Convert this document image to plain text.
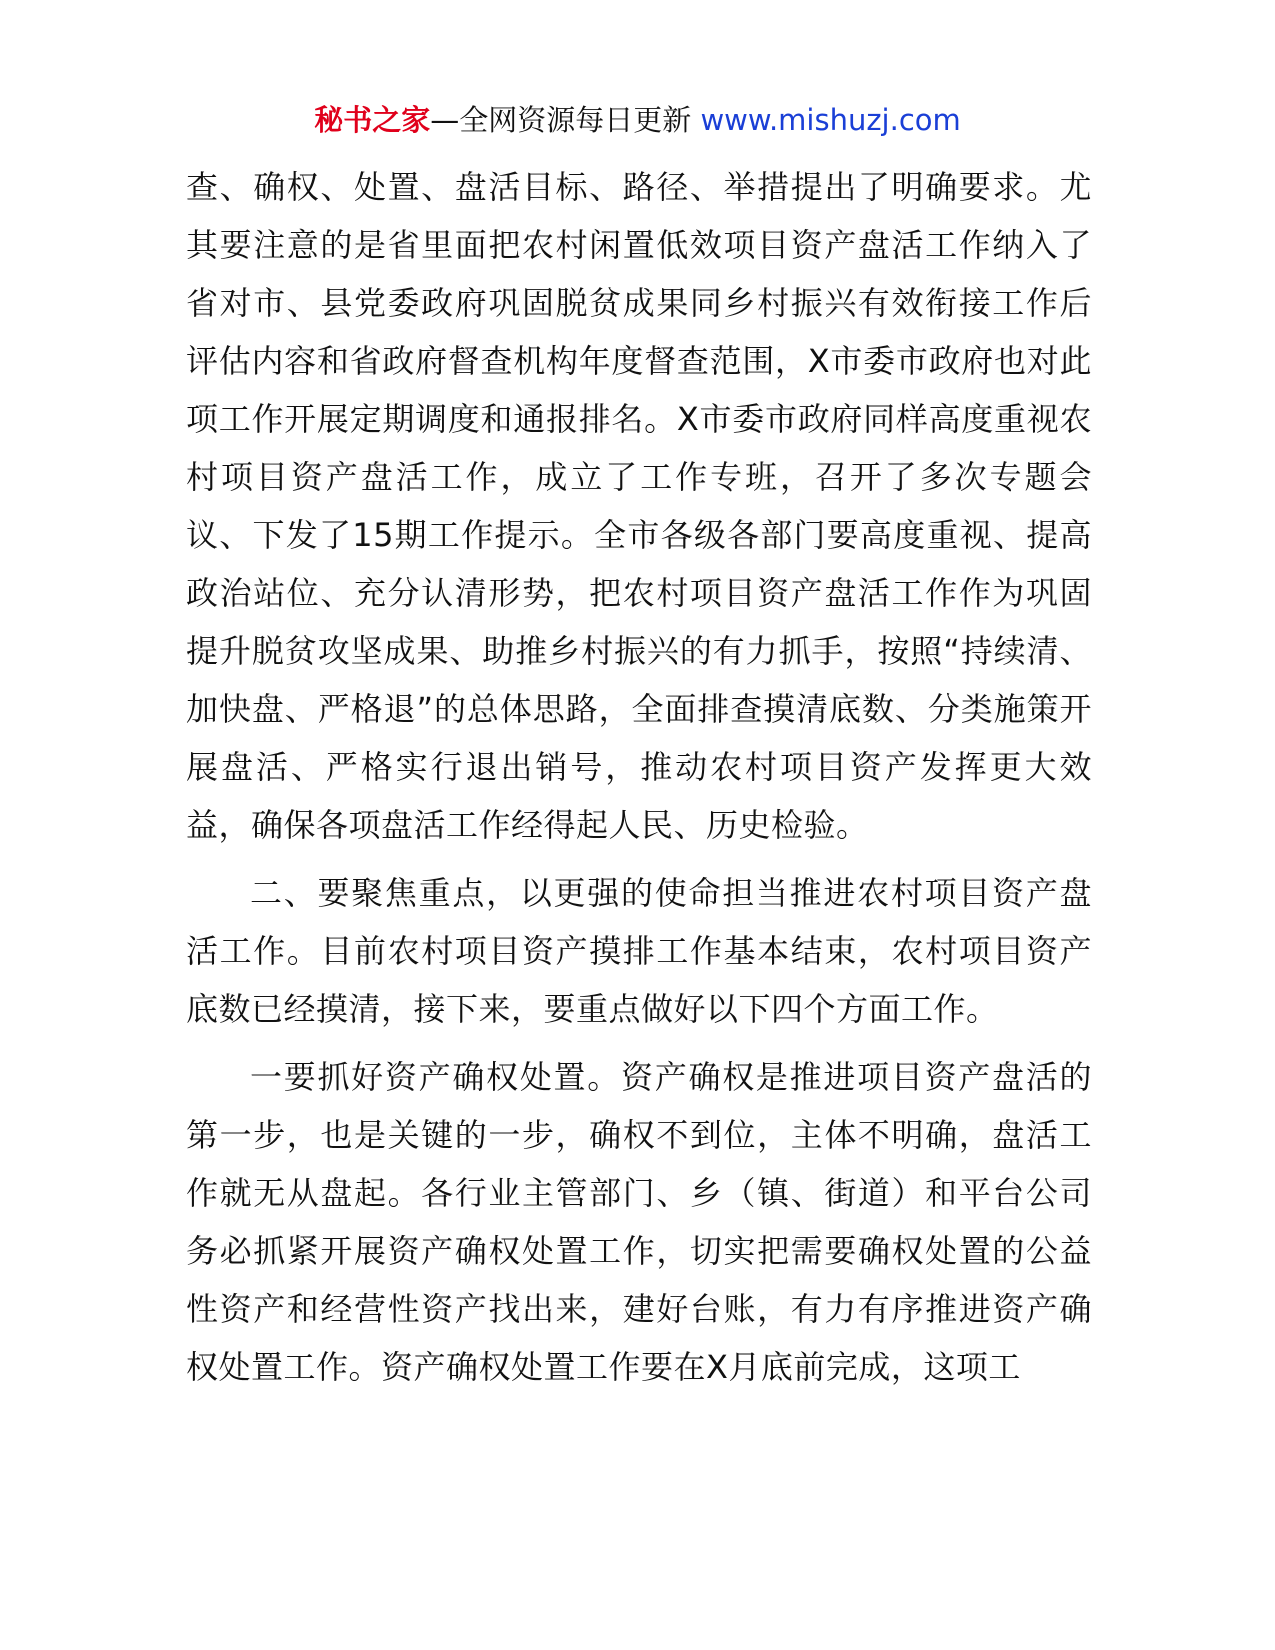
秘书之家—全网资源每日更新 www.mishuzj.com

查、确权、处置、盘活目标、路径、举措提出了明确要求。尤其要注意的是省里面把农村闲置低效项目资产盘活工作纳入了省对市、县党委政府巩固脱贫成果同乡村振兴有效衔接工作后评估内容和省政府督查机构年度督查范围，X市委市政府也对此项工作开展定期调度和通报排名。X市委市政府同样高度重视农村项目资产盘活工作，成立了工作专班，召开了多次专题会议、下发了15期工作提示。全市各级各部门要高度重视、提高政治站位、充分认清形势，把农村项目资产盘活工作作为巩固提升脱贫攻坚成果、助推乡村振兴的有力抓手，按照“持续清、加快盘、严格退”的总体思路，全面排查摸清底数、分类施策开展盘活、严格实行退出销号，推动农村项目资产发挥更大效益，确保各项盘活工作经得起人民、历史检验。

二、要聚焦重点，以更强的使命担当推进农村项目资产盘活工作。目前农村项目资产摸排工作基本结束，农村项目资产底数已经摸清，接下来，要重点做好以下四个方面工作。

一要抓好资产确权处置。资产确权是推进项目资产盘活的第一步，也是关键的一步，确权不到位，主体不明确，盘活工作就无从盘起。各行业主管部门、乡（镇、街道）和平台公司务必抓紧开展资产确权处置工作，切实把需要确权处置的公益性资产和经营性资产找出来，建好台账，有力有序推进资产确权处置工作。资产确权处置工作要在X月底前完成，这项工
